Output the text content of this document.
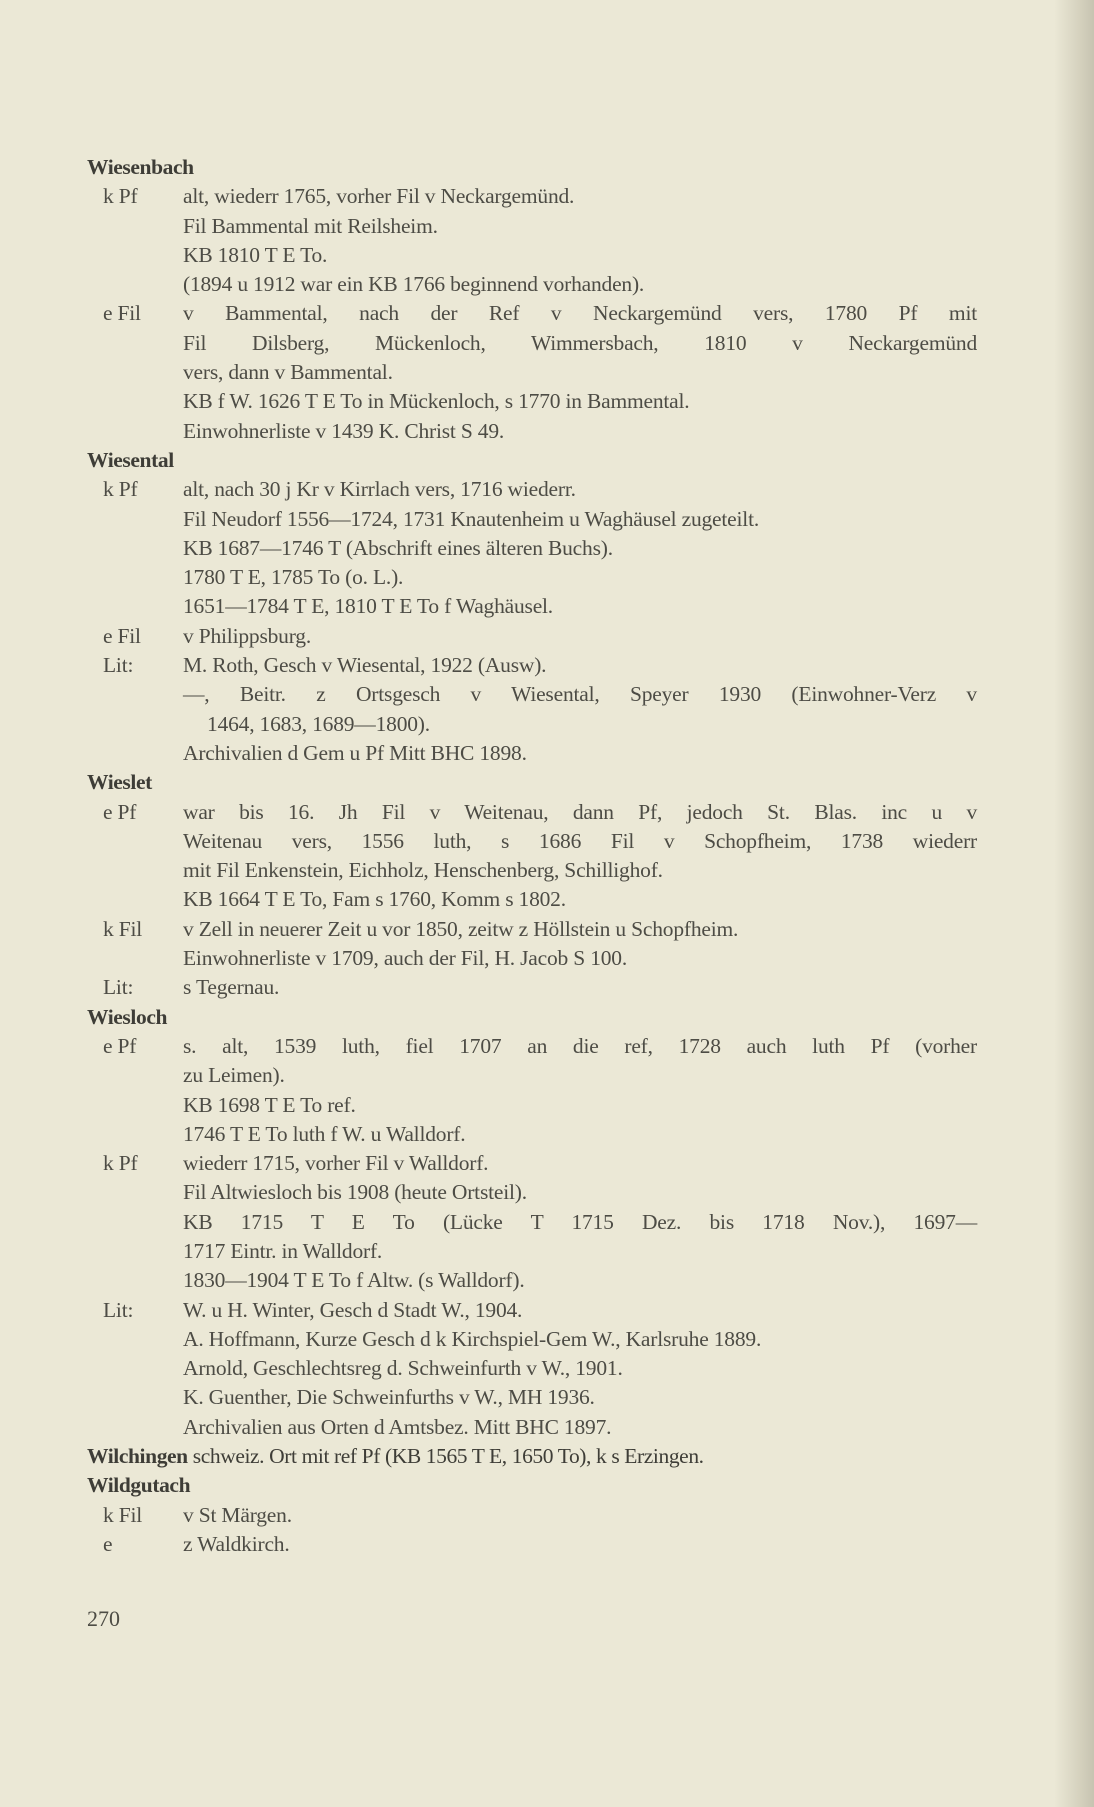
Wiesenbach
k Pf	alt, wiederr 1765, vorher Fil v Neckargemünd.
Fil Bammental mit Reilsheim.
KB 1810 T E To.
(1894 u 1912 war ein KB 1766 beginnend vorhanden).
e Fil	v Bammental, nach der Ref v Neckargemünd vers, 1780 Pf mit
Fil Dilsberg, Mückenloch, Wimmersbach, 1810 v Neckargemünd
vers, dann v Bammental.
KB f W. 1626 T E To in Mückenloch, s 1770 in Bammental.
Einwohnerliste v 1439 K. Christ S 49.
Wiesental
k Pf	alt, nach 30 j Kr v Kirrlach vers, 1716 wiederr.
Fil Neudorf 1556—1724, 1731 Knautenheim u Waghäusel zugeteilt.
KB 1687—1746 T (Abschrift eines älteren Buchs).
1780 T E, 1785 To (o. L.).
1651—1784 T E, 1810 T E To f Waghäusel.
e Fil	v Philippsburg.
Lit:	M. Roth, Gesch v Wiesental, 1922 (Ausw).
—, Beitr. z Ortsgesch v Wiesental, Speyer 1930 (Einwohner-Verz v
1464, 1683, 1689—1800).
Archivalien d Gem u Pf Mitt BHC 1898.
Wieslet
e Pf	war bis 16. Jh Fil v Weitenau, dann Pf, jedoch St. Blas. inc u v
Weitenau vers, 1556 luth, s 1686 Fil v Schopfheim, 1738 wiederr
mit Fil Enkenstein, Eichholz, Henschenberg, Schillighof.
KB 1664 T E To, Fam s 1760, Komm s 1802.
k Fil	v Zell in neuerer Zeit u vor 1850, zeitw z Höllstein u Schopfheim.
Einwohnerliste v 1709, auch der Fil, H. Jacob S 100.
Lit:	s Tegernau.
Wiesloch
e Pf	s. alt, 1539 luth, fiel 1707 an die ref, 1728 auch luth Pf (vorher
zu Leimen).
KB 1698 T E To ref.
1746 T E To luth f W. u Walldorf.
k Pf	wiederr 1715, vorher Fil v Walldorf.
Fil Altwiesloch bis 1908 (heute Ortsteil).
KB 1715 T E To (Lücke T 1715 Dez. bis 1718 Nov.), 1697—
1717 Eintr. in Walldorf.
1830—1904 T E To f Altw. (s Walldorf).
Lit:	W. u H. Winter, Gesch d Stadt W., 1904.
A. Hoffmann, Kurze Gesch d k Kirchspiel-Gem W., Karlsruhe 1889.
Arnold, Geschlechtsreg d. Schweinfurth v W., 1901.
K. Guenther, Die Schweinfurths v W., MH 1936.
Archivalien aus Orten d Amtsbez. Mitt BHC 1897.
Wilchingen schweiz. Ort mit ref Pf (KB 1565 T E, 1650 To), k s Erzingen.
Wildgutach
k Fil	v St Märgen.
e	z Waldkirch.
270
